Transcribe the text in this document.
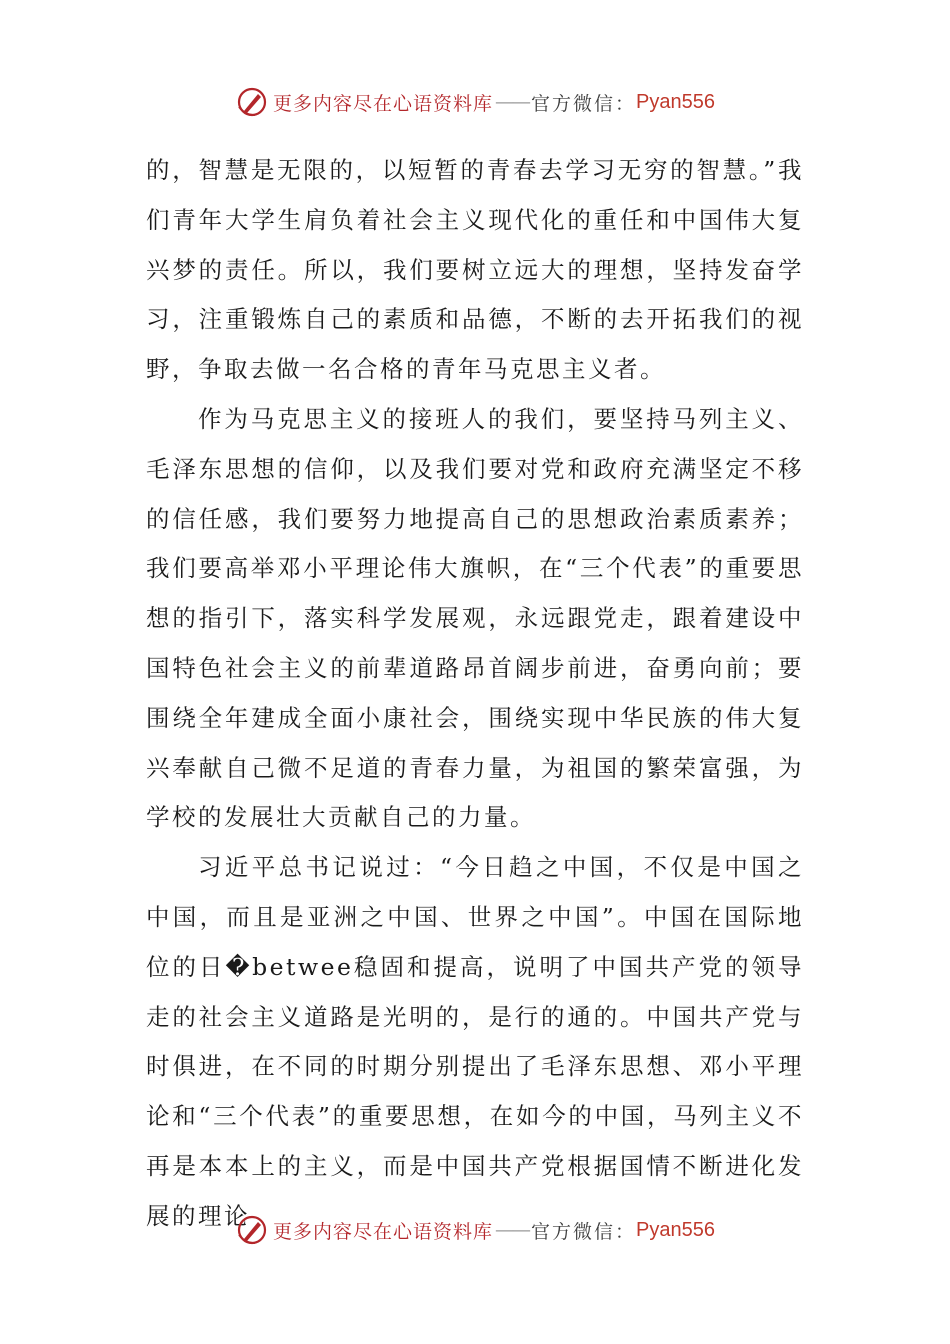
更多内容尽在心语资料库 —— 官方微信： Pyan556

的，智慧是无限的，以短暂的青春去学习无穷的智慧。”我们青年大学生肩负着社会主义现代化的重任和中国伟大复兴梦的责任。所以，我们要树立远大的理想，坚持发奋学习，注重锻炼自己的素质和品德，不断的去开拓我们的视野，争取去做一名合格的青年马克思主义者。

作为马克思主义的接班人的我们，要坚持马列主义、毛泽东思想的信仰，以及我们要对党和政府充满坚定不移的信任感，我们要努力地提高自己的思想政治素质素养；我们要高举邓小平理论伟大旗帜，在“三个代表”的重要思想的指引下，落实科学发展观，永远跟党走，跟着建设中国特色社会主义的前辈道路昂首阔步前进，奋勇向前；要围绕全年建成全面小康社会，围绕实现中华民族的伟大复兴奉献自己微不足道的青春力量，为祖国的繁荣富强，为学校的发展壮大贡献自己的力量。

习近平总书记说过：“今日趋之中国，不仅是中国之中国，而且是亚洲之中国、世界之中国”。中国在国际地位的日�betwee稳固和提高，说明了中国共产党的领导走的社会主义道路是光明的，是行的通的。中国共产党与时俱进，在不同的时期分别提出了毛泽东思想、邓小平理论和“三个代表”的重要思想，在如今的中国，马列主义不再是本本上的主义，而是中国共产党根据国情不断进化发展的理论

更多内容尽在心语资料库 —— 官方微信： Pyan556
